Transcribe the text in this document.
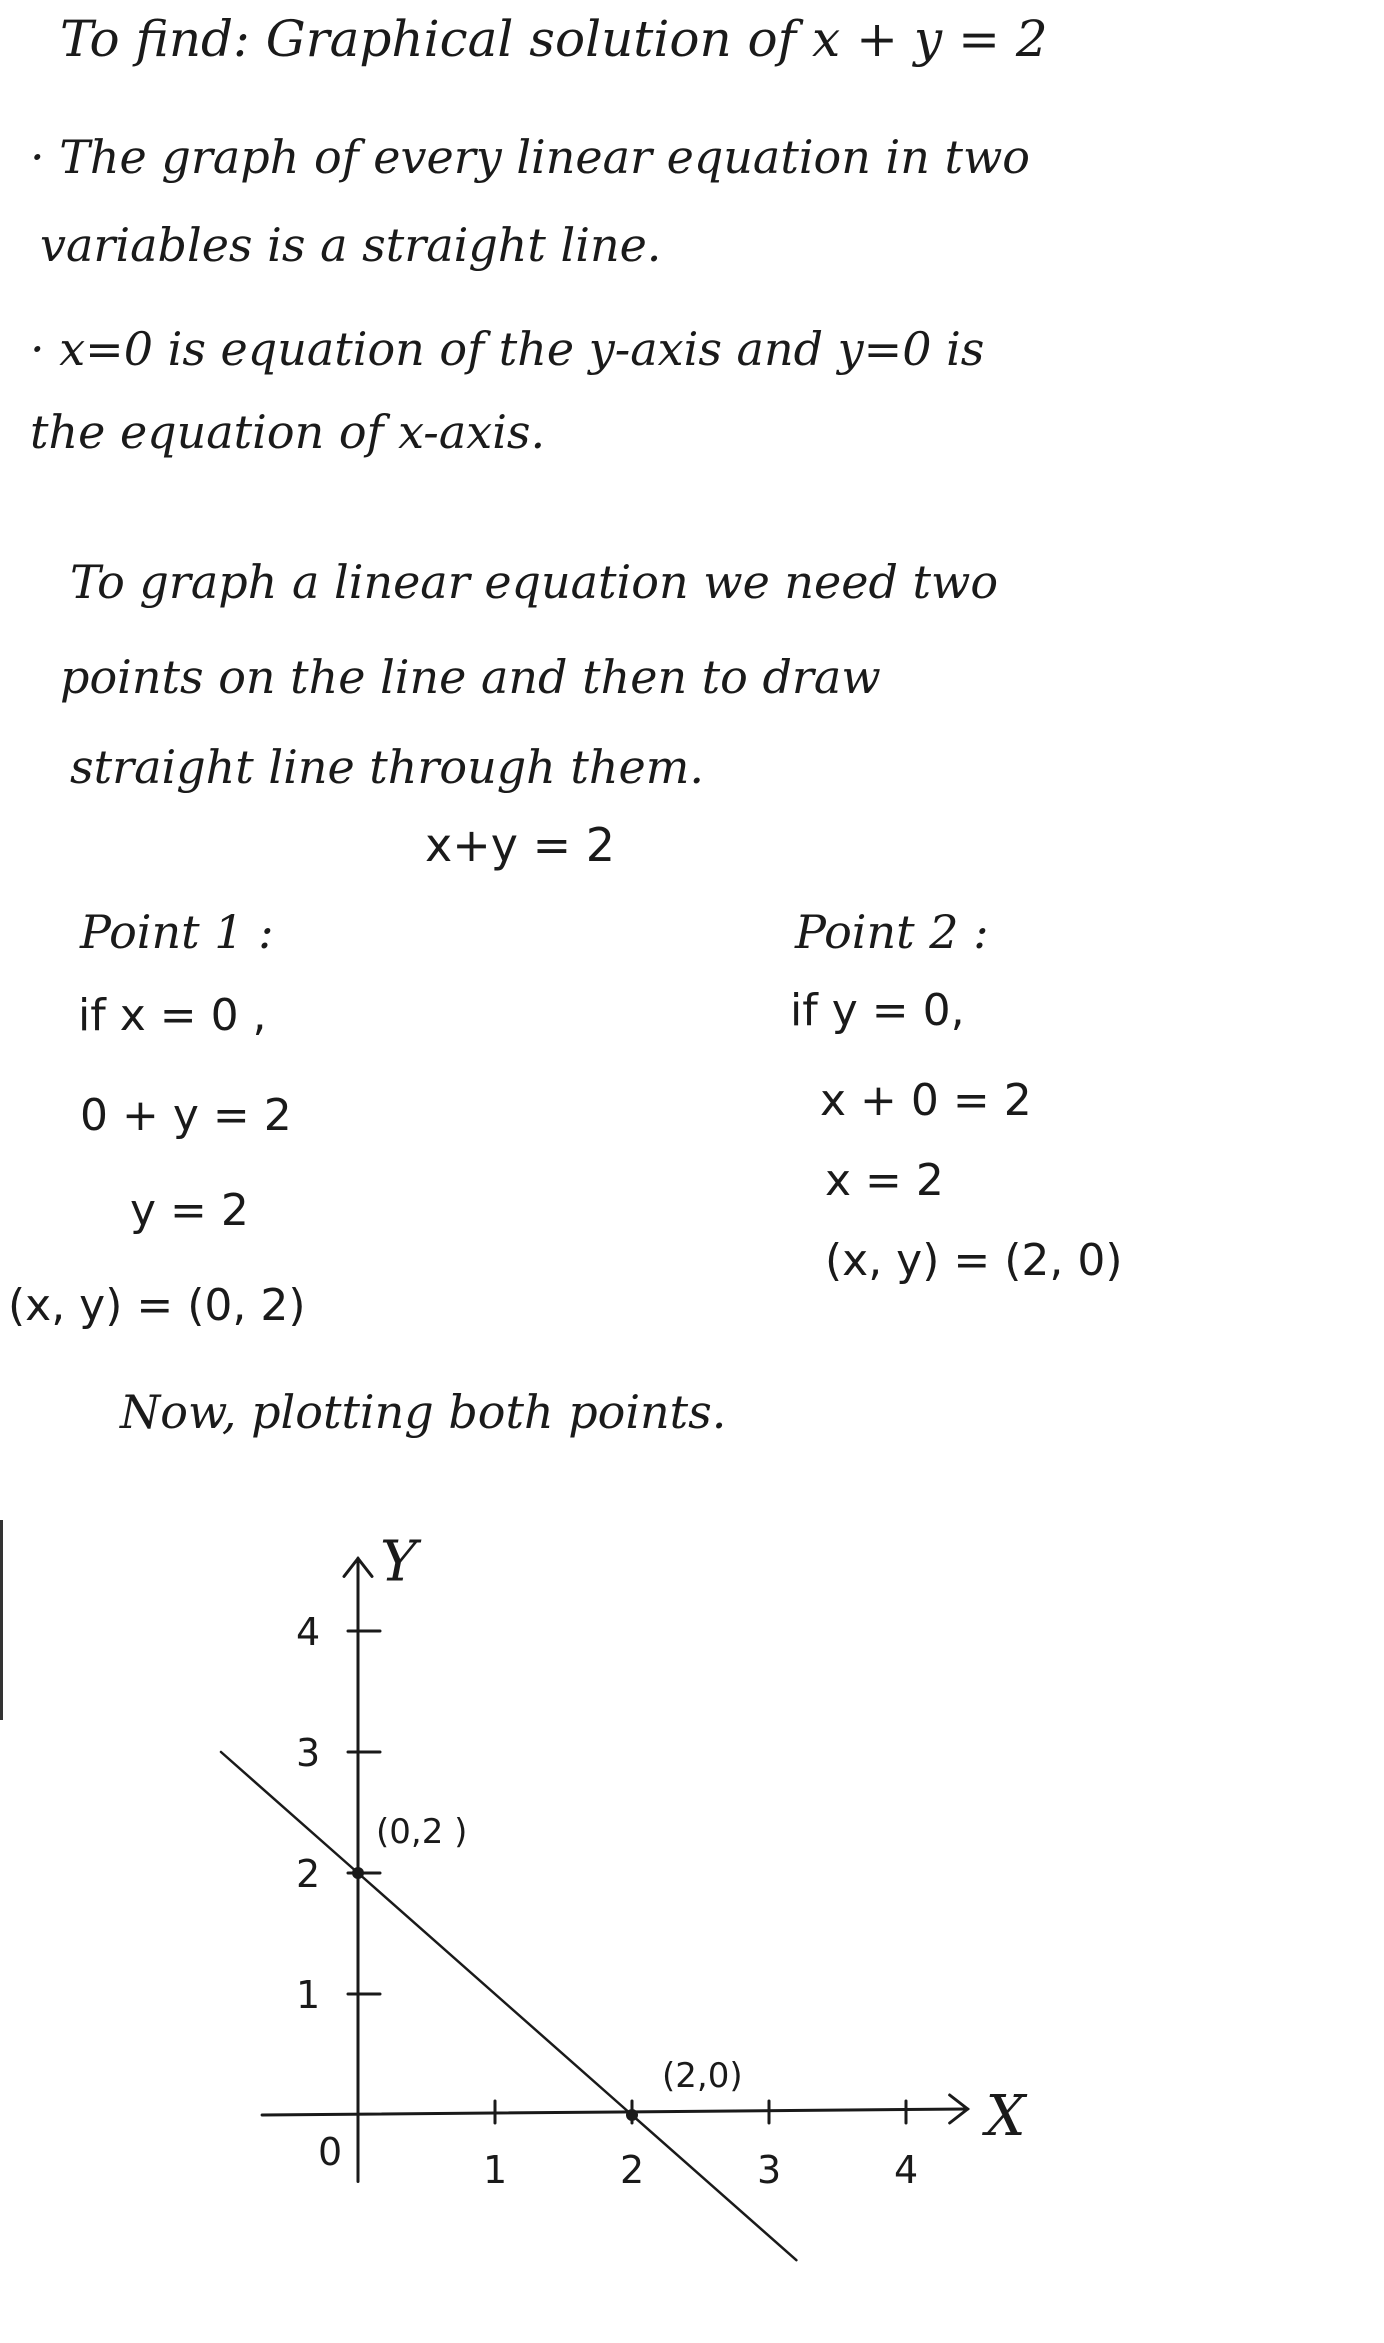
To find: Graphical solution of x + y = 2
· The graph of every linear equation in two
variables is a straight line.
· x=0 is equation of the y-axis and y=0 is
the equation of x-axis.
To graph a linear equation we need two
points on the line and then to draw
straight line through them.
x+y = 2
Point 1 :
if x = 0 ,
0 + y = 2
y = 2
(x, y) = (0, 2)
Point 2 :
if y = 0,
x + 0 = 2
x = 2
(x, y) = (2, 0)
Now, plotting both points.
X
Y
0	1	2	3	4
1
2
3
4
(0,2 )
(2,0)
